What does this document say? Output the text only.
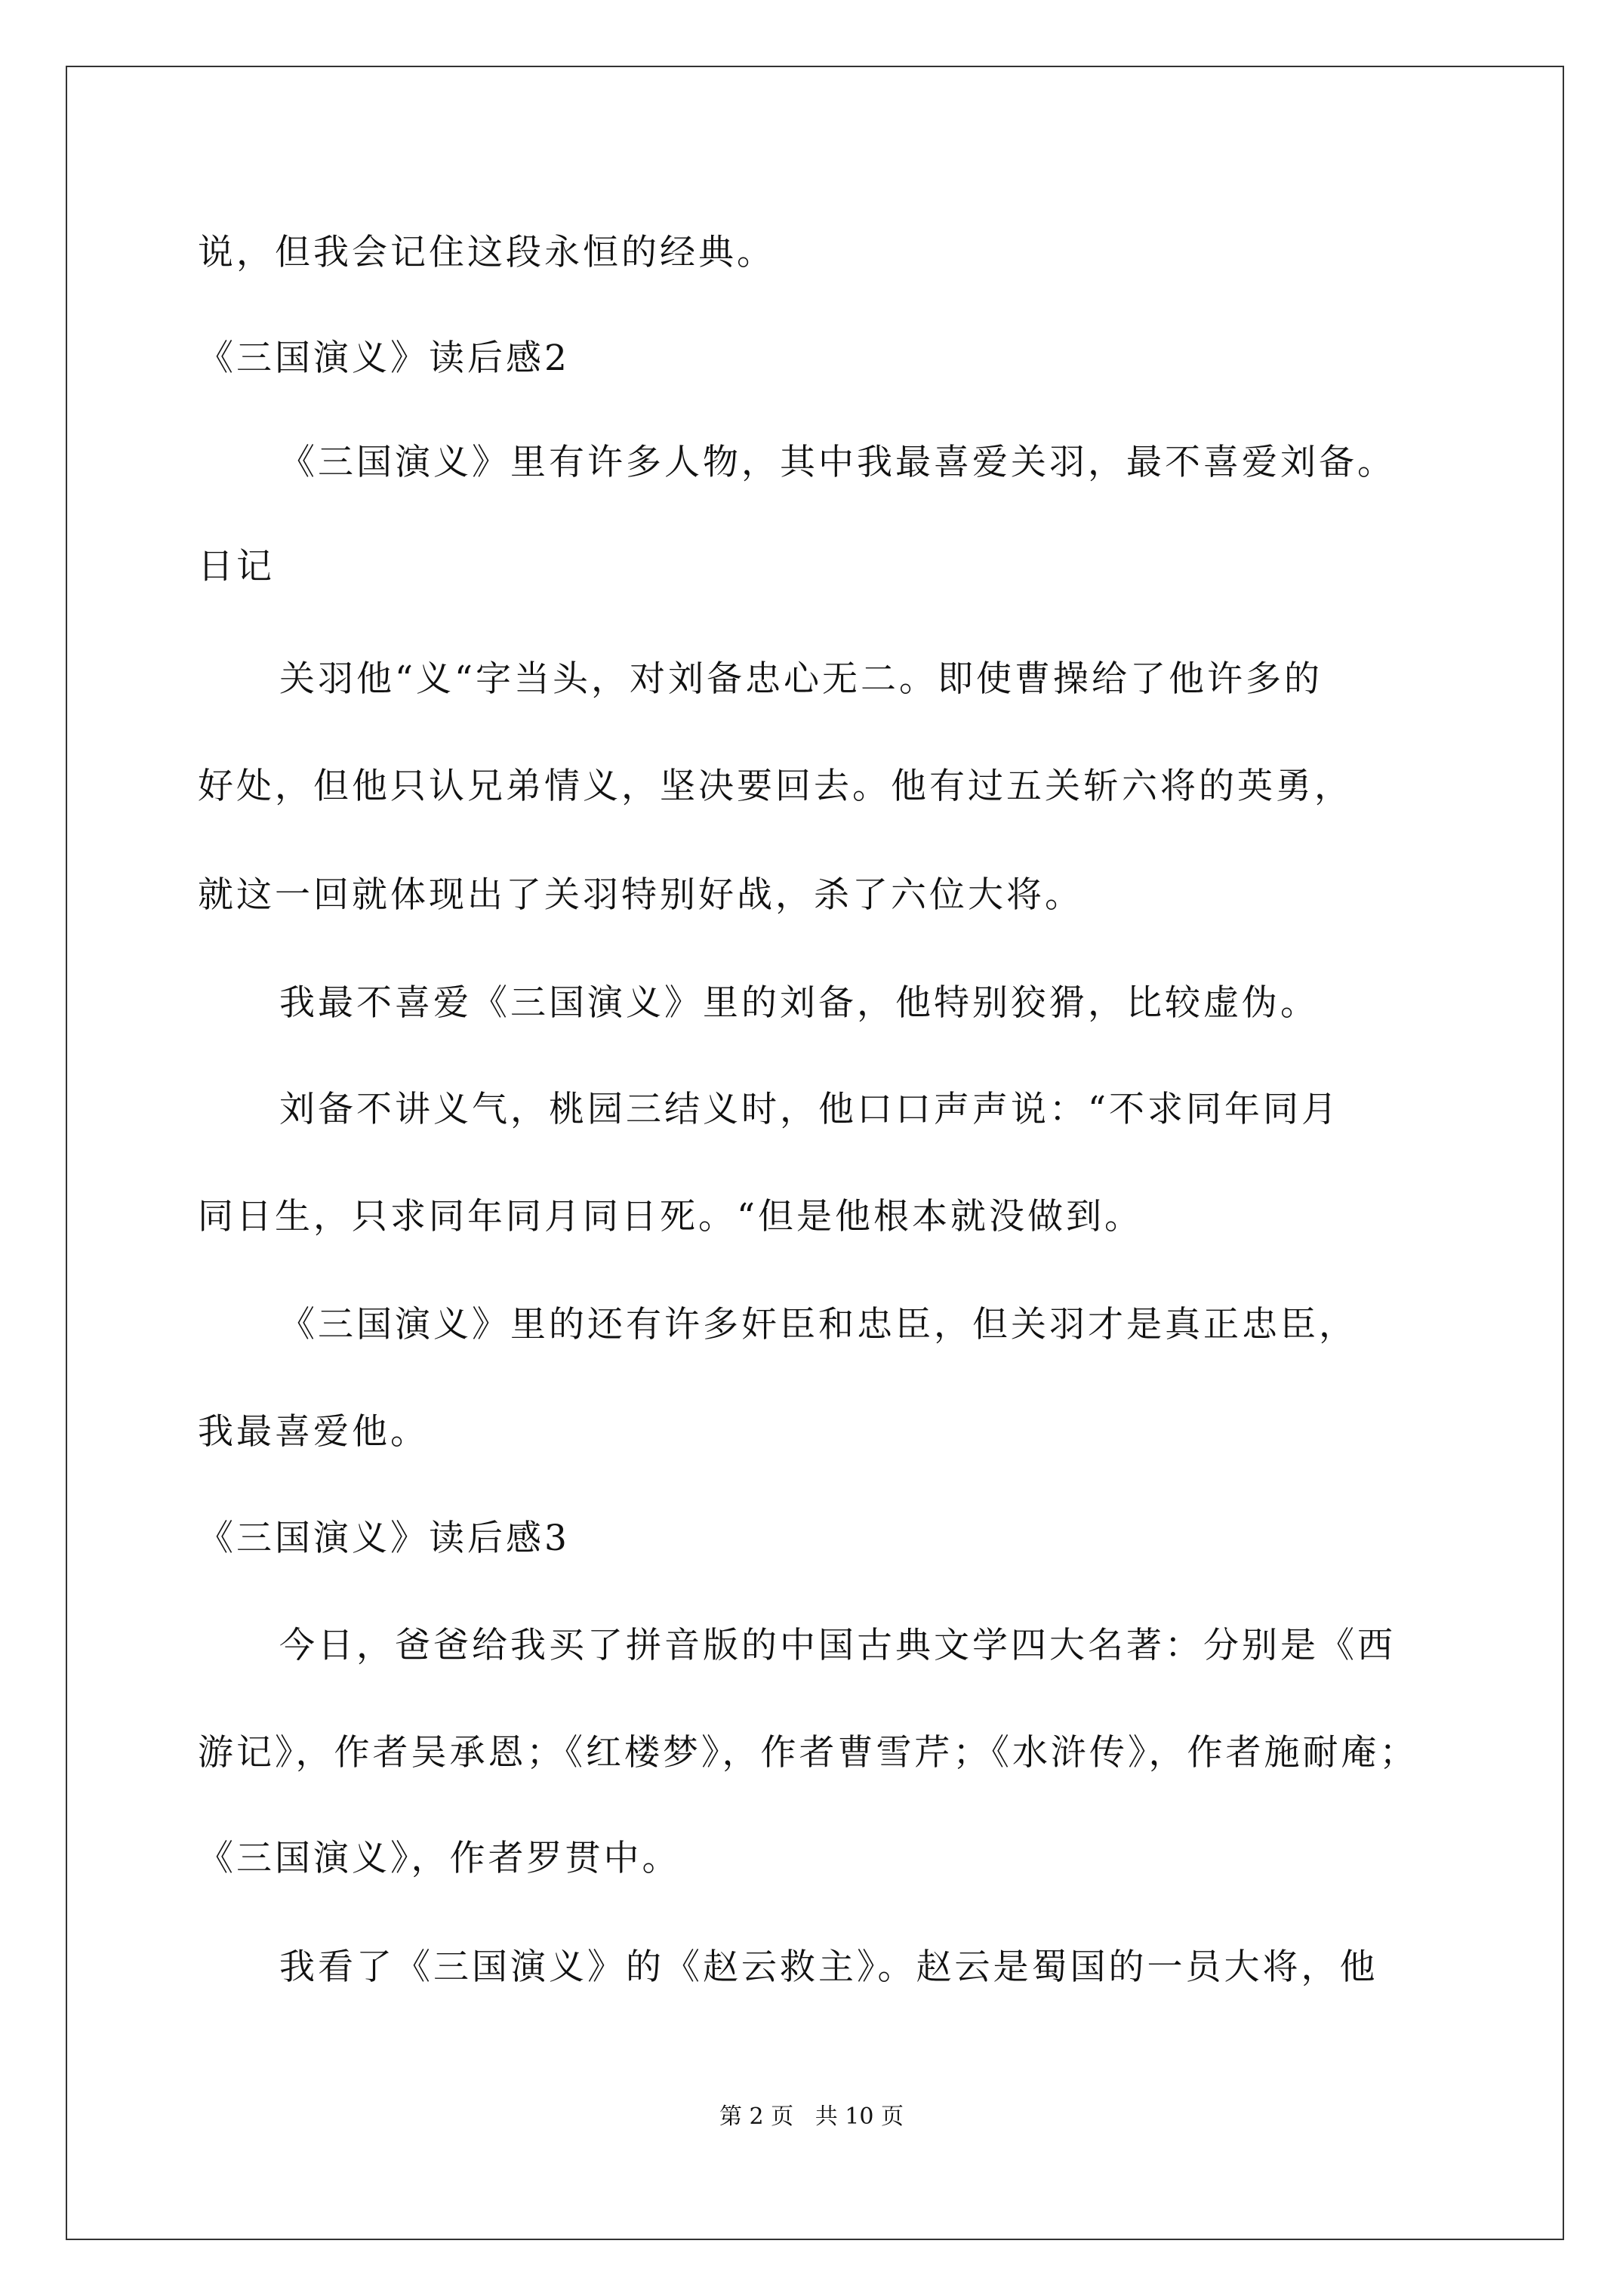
说，但我会记住这段永恒的经典。
《三国演义》读后感2
《三国演义》里有许多人物，其中我最喜爱关羽，最不喜爱刘备。
日记
关羽他“义“字当头，对刘备忠心无二。即使曹操给了他许多的
好处，但他只认兄弟情义，坚决要回去。他有过五关斩六将的英勇，
就这一回就体现出了关羽特别好战，杀了六位大将。
我最不喜爱《三国演义》里的刘备，他特别狡猾，比较虚伪。
刘备不讲义气，桃园三结义时，他口口声声说：“不求同年同月
同日生，只求同年同月同日死。“但是他根本就没做到。
《三国演义》里的还有许多奸臣和忠臣，但关羽才是真正忠臣，
我最喜爱他。
《三国演义》读后感3
今日，爸爸给我买了拼音版的中国古典文学四大名著：分别是《西
游记》，作者吴承恩；《红楼梦》，作者曹雪芹；《水浒传》，作者施耐庵；
《三国演义》，作者罗贯中。
我看了《三国演义》的《赵云救主》。赵云是蜀国的一员大将，他
第 2 页   共 10 页
